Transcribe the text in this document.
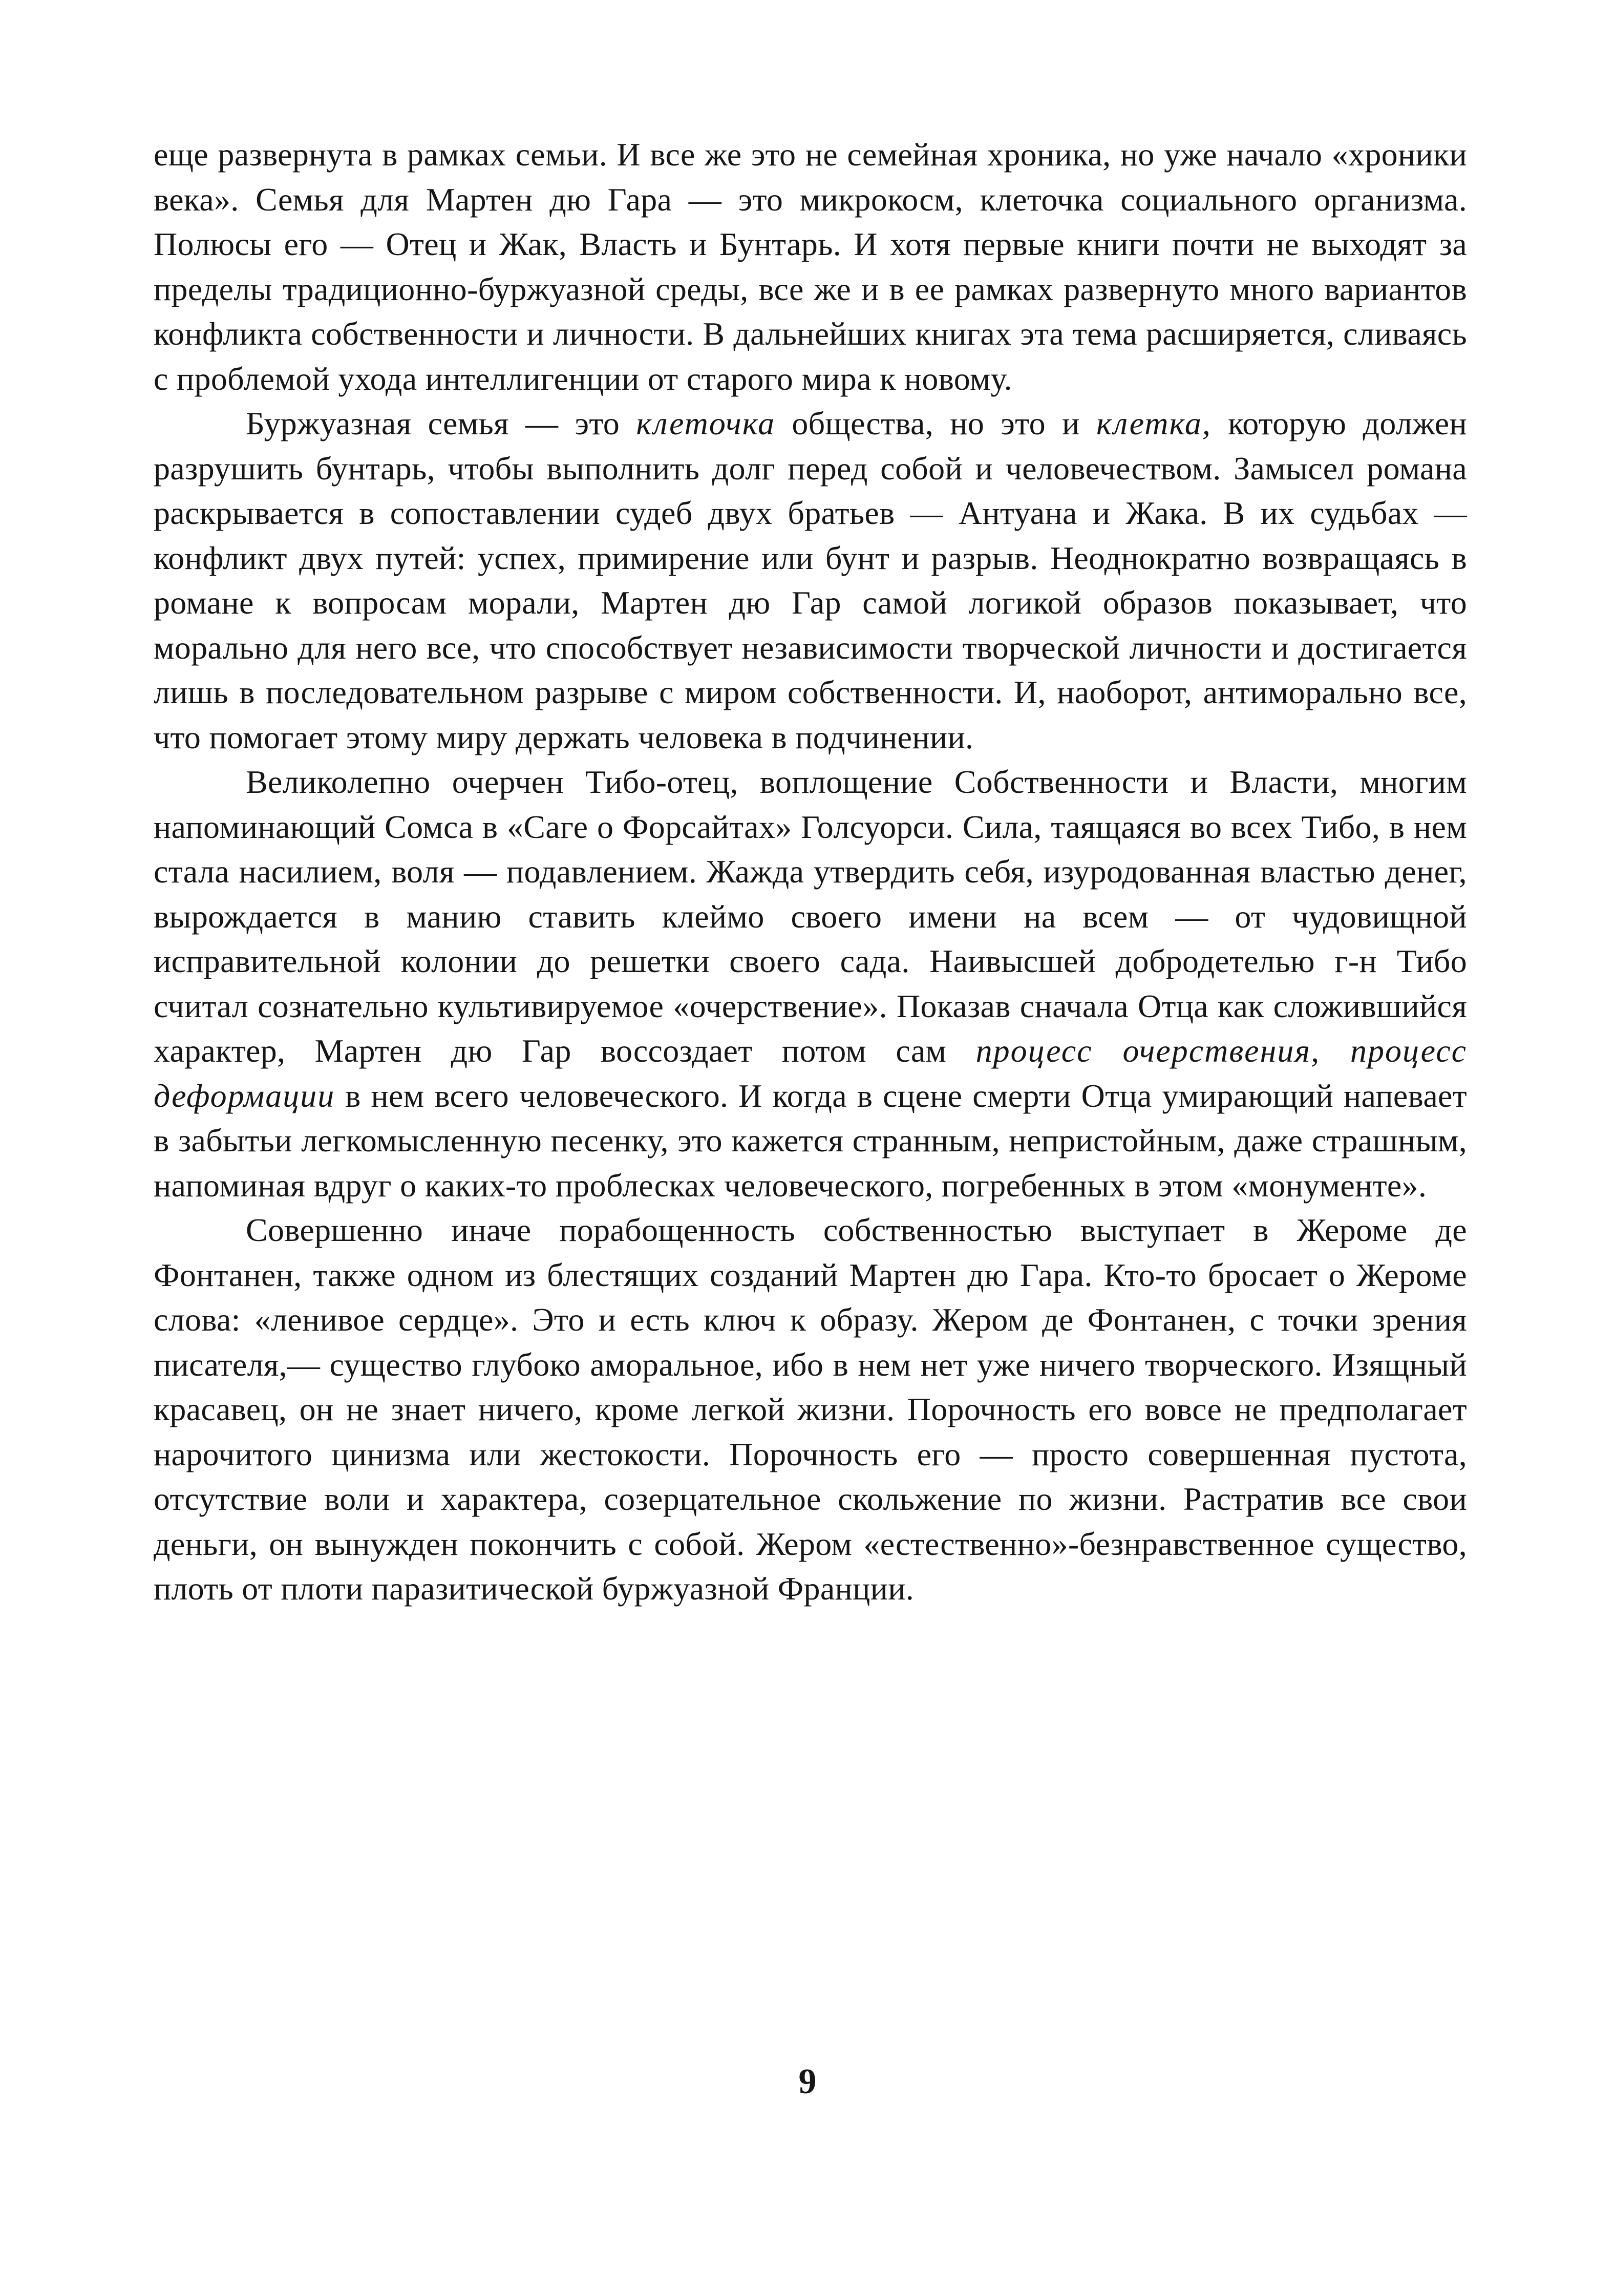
еще развернута в рамках семьи. И все же это не семейная хроника, но уже начало «хроники века». Семья для Мартен дю Гара — это микрокосм, клеточка социального организма. Полюсы его — Отец и Жак, Власть и Бунтарь. И хотя первые книги почти не выходят за пределы традиционно-буржуазной среды, все же и в ее рамках развернуто много вариантов конфликта собственности и личности. В дальнейших книгах эта тема расширяется, сливаясь с проблемой ухода интеллигенции от старого мира к новому.

Буржуазная семья — это клеточка общества, но это и клетка, которую должен разрушить бунтарь, чтобы выполнить долг перед собой и человечеством. Замысел романа раскрывается в сопоставлении судеб двух братьев — Антуана и Жака. В их судьбах — конфликт двух путей: успех, примирение или бунт и разрыв. Неоднократно возвращаясь в романе к вопросам морали, Мартен дю Гар самой логикой образов показывает, что морально для него все, что способствует независимости творческой личности и достигается лишь в последовательном разрыве с миром собственности. И, наоборот, антиморально все, что помогает этому миру держать человека в подчинении.

Великолепно очерчен Тибо-отец, воплощение Собственности и Власти, многим напоминающий Сомса в «Саге о Форсайтах» Голсуорси. Сила, таящаяся во всех Тибо, в нем стала насилием, воля — подавлением. Жажда утвердить себя, изуродованная властью денег, вырождается в манию ставить клеймо своего имени на всем — от чудовищной исправительной колонии до решетки своего сада. Наивысшей добродетелью г-н Тибо считал сознательно культивируемое «очерствение». Показав сначала Отца как сложившийся характер, Мартен дю Гар воссоздает потом сам процесс очерствения, процесс деформации в нем всего человеческого. И когда в сцене смерти Отца умирающий напевает в забытьи легкомысленную песенку, это кажется странным, непристойным, даже страшным, напоминая вдруг о каких-то проблесках человеческого, погребенных в этом «монументе».

Совершенно иначе порабощенность собственностью выступает в Жероме де Фонтанен, также одном из блестящих созданий Мартен дю Гара. Кто-то бросает о Жероме слова: «ленивое сердце». Это и есть ключ к образу. Жером де Фонтанен, с точки зрения писателя,— существо глубоко аморальное, ибо в нем нет уже ничего творческого. Изящный красавец, он не знает ничего, кроме легкой жизни. Порочность его вовсе не предполагает нарочитого цинизма или жестокости. Порочность его — просто совершенная пустота, отсутствие воли и характера, созерцательное скольжение по жизни. Растратив все свои деньги, он вынужден покончить с собой. Жером «естественно»-безнравственное существо, плоть от плоти паразитической буржуазной Франции.

9
